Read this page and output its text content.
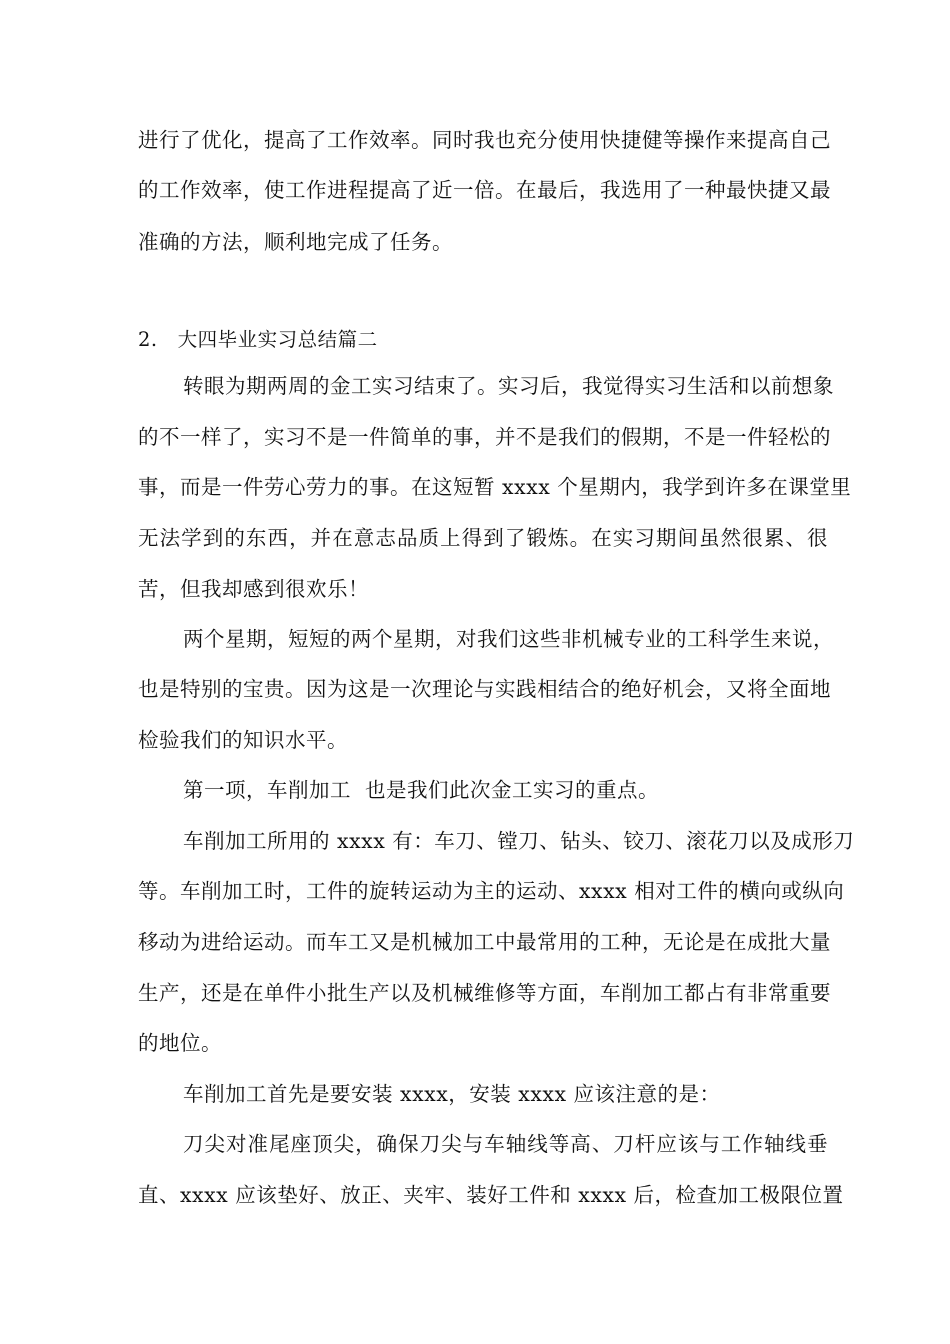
进行了优化，提高了工作效率。同时我也充分使用快捷健等操作来提高自己
的工作效率，使工作进程提高了近一倍。在最后，我选用了一种最快捷又最
准确的方法，顺利地完成了任务。
2. 大四毕业实习总结篇二
转眼为期两周的金工实习结束了。实习后，我觉得实习生活和以前想象
的不一样了，实习不是一件简单的事，并不是我们的假期，不是一件轻松的
事，而是一件劳心劳力的事。在这短暂 xxxx 个星期内，我学到许多在课堂里
无法学到的东西，并在意志品质上得到了锻炼。在实习期间虽然很累、很
苦，但我却感到很欢乐！
两个星期，短短的两个星期，对我们这些非机械专业的工科学生来说，
也是特别的宝贵。因为这是一次理论与实践相结合的绝好机会，又将全面地
检验我们的知识水平。
第一项，车削加工  也是我们此次金工实习的重点。
车削加工所用的 xxxx 有：车刀、镗刀、钻头、铰刀、滚花刀以及成形刀
等。车削加工时，工件的旋转运动为主的运动、xxxx 相对工件的横向或纵向
移动为进给运动。而车工又是机械加工中最常用的工种，无论是在成批大量
生产，还是在单件小批生产以及机械维修等方面，车削加工都占有非常重要
的地位。
车削加工首先是要安装 xxxx，安装 xxxx 应该注意的是：
刀尖对准尾座顶尖，确保刀尖与车轴线等高、刀杆应该与工作轴线垂
直、xxxx 应该垫好、放正、夹牢、装好工件和 xxxx 后，检查加工极限位置
